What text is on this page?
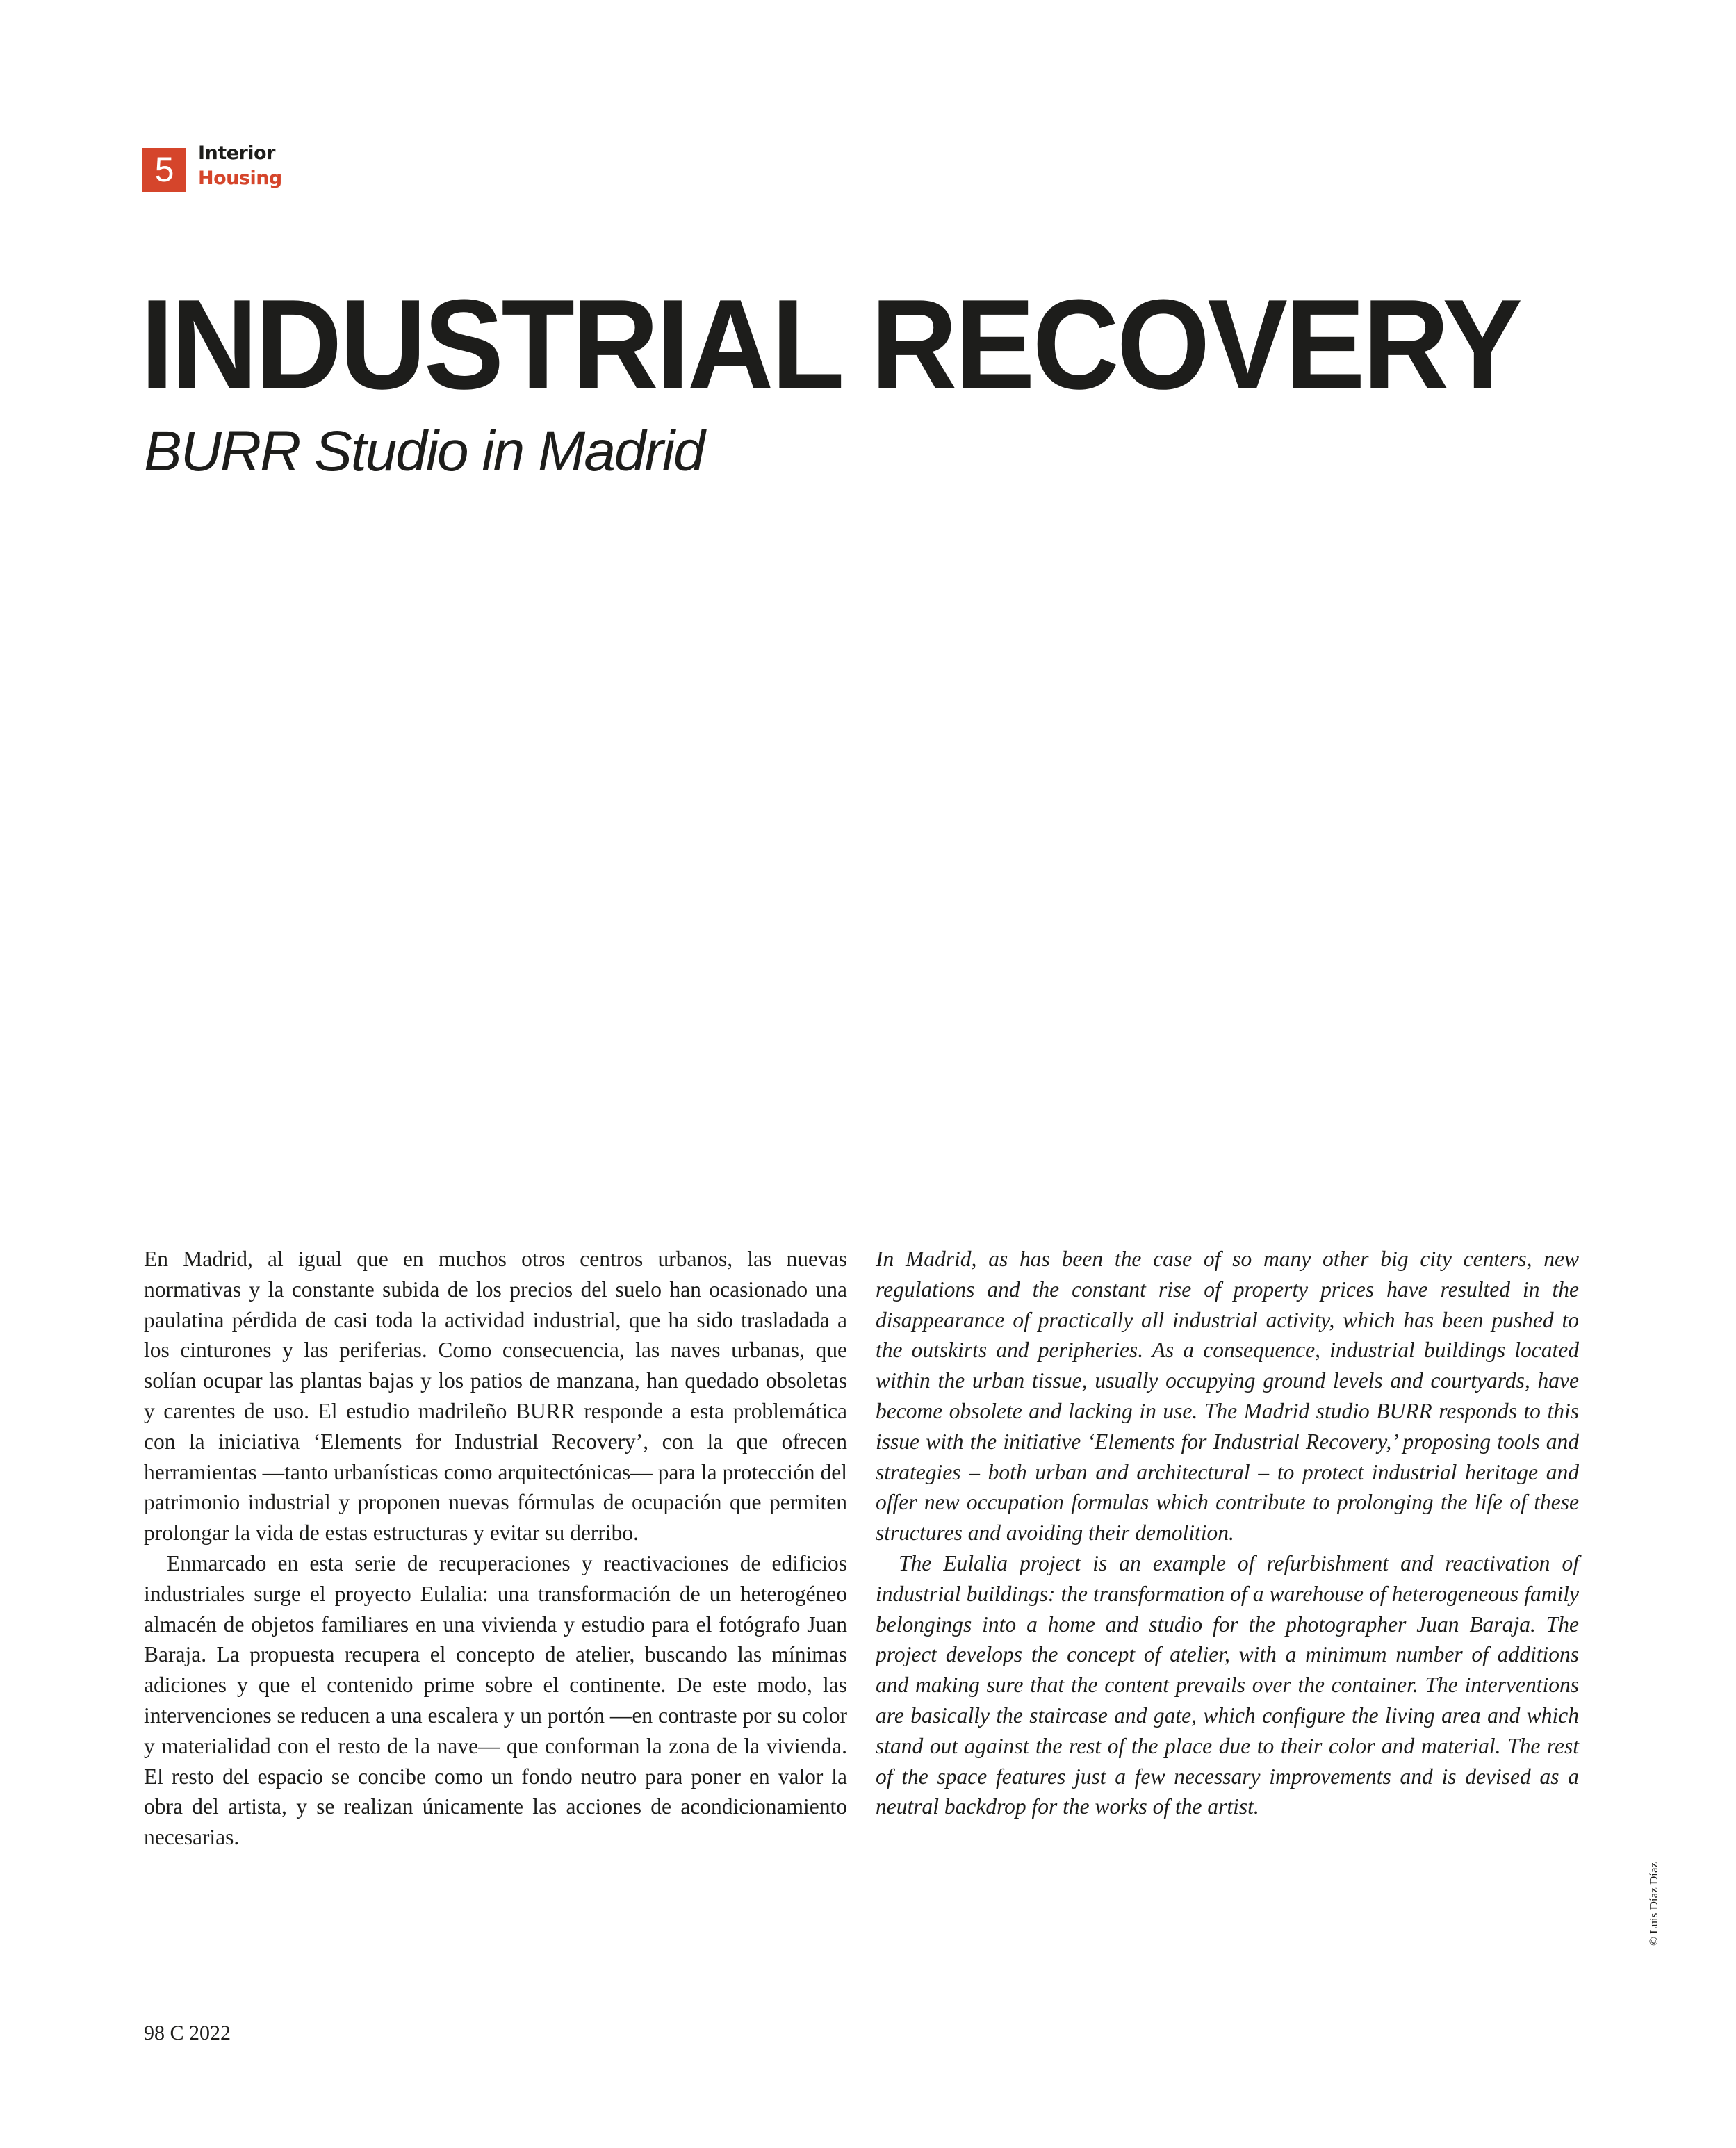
5	Interior
Housing
INDUSTRIAL RECOVERY
BURR Studio in Madrid

En Madrid, al igual que en muchos otros centros urbanos, las nuevas normativas y la constante subida de los precios del suelo han ocasionado una paulatina pérdida de casi toda la actividad industrial, que ha sido trasladada a los cinturones y las periferias. Como consecuencia, las naves urbanas, que solían ocupar las plantas bajas y los patios de manzana, han quedado obsoletas y carentes de uso. El estudio madrileño BURR responde a esta problemática con la iniciativa ‘Elements for Industrial Recovery’, con la que ofrecen herramientas —tanto urbanísticas como arquitectónicas— para la protección del patrimonio industrial y proponen nuevas fórmulas de ocupación que permiten prolongar la vida de estas estructuras y evitar su derribo.

Enmarcado en esta serie de recuperaciones y reactivaciones de edificios industriales surge el proyecto Eulalia: una transformación de un heterogéneo almacén de objetos familiares en una vivienda y estudio para el fotógrafo Juan Baraja. La propuesta recupera el concepto de atelier, buscando las mínimas adiciones y que el contenido prime sobre el continente. De este modo, las intervenciones se reducen a una escalera y un portón —en contraste por su color y materialidad con el resto de la nave— que conforman la zona de la vivienda. El resto del espacio se concibe como un fondo neutro para poner en valor la obra del artista, y se realizan únicamente las acciones de acondicionamiento necesarias.

In Madrid, as has been the case of so many other big city centers, new regulations and the constant rise of property prices have resulted in the disappearance of practically all industrial activity, which has been pushed to the outskirts and peripheries. As a consequence, industrial buildings located within the urban tissue, usually occupying ground levels and courtyards, have become obsolete and lacking in use. The Madrid studio BURR responds to this issue with the initiative ‘Elements for Industrial Recovery,’ proposing tools and strategies – both urban and architectural – to protect industrial heritage and offer new occupation formulas which contribute to prolonging the life of these structures and avoiding their demolition.

The Eulalia project is an example of refurbishment and reactivation of industrial buildings: the transformation of a warehouse of heterogeneous family belongings into a home and studio for the photographer Juan Baraja. The project develops the concept of atelier, with a minimum number of additions and making sure that the content prevails over the container. The interventions are basically the staircase and gate, which configure the living area and which stand out against the rest of the place due to their color and material. The rest of the space features just a few necessary improvements and is devised as a neutral backdrop for the works of the artist.

© Luis Díaz Díaz
98 C 2022
